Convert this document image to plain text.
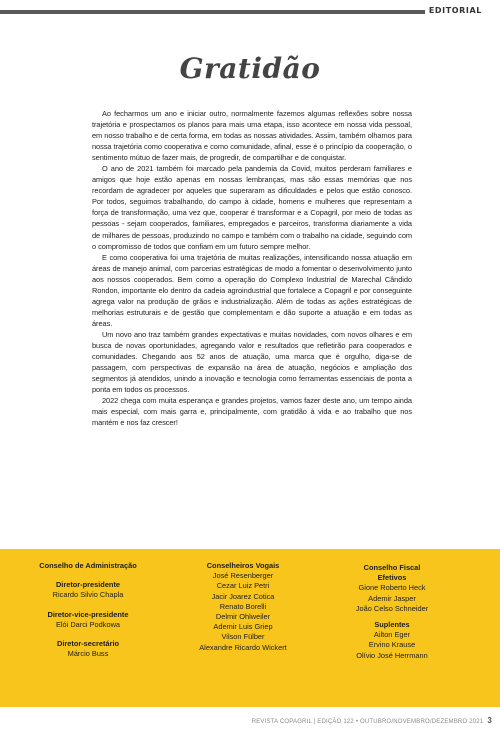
EDITORIAL
Gratidão

Ao fecharmos um ano e iniciar outro, normalmente fazemos algumas reflexões sobre nossa trajetória e prospectamos os planos para mais uma etapa, isso acontece em nossa vida pessoal, em nosso trabalho e de certa forma, em todas as nossas atividades. Assim, também olhamos para nossa trajetória como cooperativa e como comunidade, afinal, esse é o princípio da cooperação, o sentimento mútuo de fazer mais, de progredir, de compartilhar e de conquistar.

O ano de 2021 também foi marcado pela pandemia da Covid, muitos perderam familiares e amigos que hoje estão apenas em nossas lembranças, mas são essas memórias que nos recordam de agradecer por aqueles que superaram as dificuldades e pelos que estão conosco. Por todos, seguimos trabalhando, do campo à cidade, homens e mulheres que representam a força de transformação, uma vez que, cooperar é transformar e a Copagril, por meio de todas as pessoas - sejam cooperados, familiares, empregados e parceiros, transforma diariamente a vida de milhares de pessoas, produzindo no campo e também com o trabalho na cidade, seguindo com o compromisso de todos que confiam em um futuro sempre melhor.

E como cooperativa foi uma trajetória de muitas realizações, intensificando nossa atuação em áreas de manejo animal, com parcerias estratégicas de modo a fomentar o desenvolvimento junto aos nossos cooperados. Bem como a operação do Complexo Industrial de Marechal Cândido Rondon, importante elo dentro da cadeia agroindustrial que fortalece a Copagril e por conseguinte agrega valor na produção de grãos e industrialização. Além de todas as ações estratégicas de melhorias estruturais e de gestão que complementam e dão suporte a atuação e em todas as áreas.

Um novo ano traz também grandes expectativas e muitas novidades, com novos olhares e em busca de novas oportunidades, agregando valor e resultados que refletirão para cooperados e comunidades. Chegando aos 52 anos de atuação, uma marca que é orgulho, diga-se de passagem, com perspectivas de expansão na área de atuação, negócios e ampliação dos segmentos já atendidos, unindo a inovação e tecnologia como ferramentas essenciais de ponta a ponta em todos os processos.

2022 chega com muita esperança e grandes projetos, vamos fazer deste ano, um tempo ainda mais especial, com mais garra e, principalmente, com gratidão à vida e ao trabalho que nos mantém e nos faz crescer!

Conselho de Administração
Diretor-presidente
Ricardo Silvio Chapla
Diretor-vice-presidente
Elói Darci Podkowa
Diretor-secretário
Márcio Buss
Conselheiros Vogais
José Resenberger
Cezar Luiz Petri
Jacir Joarez Cotica
Renato Borelli
Delmir Ohlweiler
Ademir Luis Griep
Vilson Fülber
Alexandre Ricardo Wickert
Conselho Fiscal
Efetivos
Gione Roberto Heck
Ademir Jasper
João Celso Schneider
Suplentes
Ailton Eger
Ervino Krause
Olívio José Herrmann
REVISTA COPAGRIL | EDIÇÃO 122 • OUTUBRO/NOVEMBRO/DEZEMBRO 2021 3
